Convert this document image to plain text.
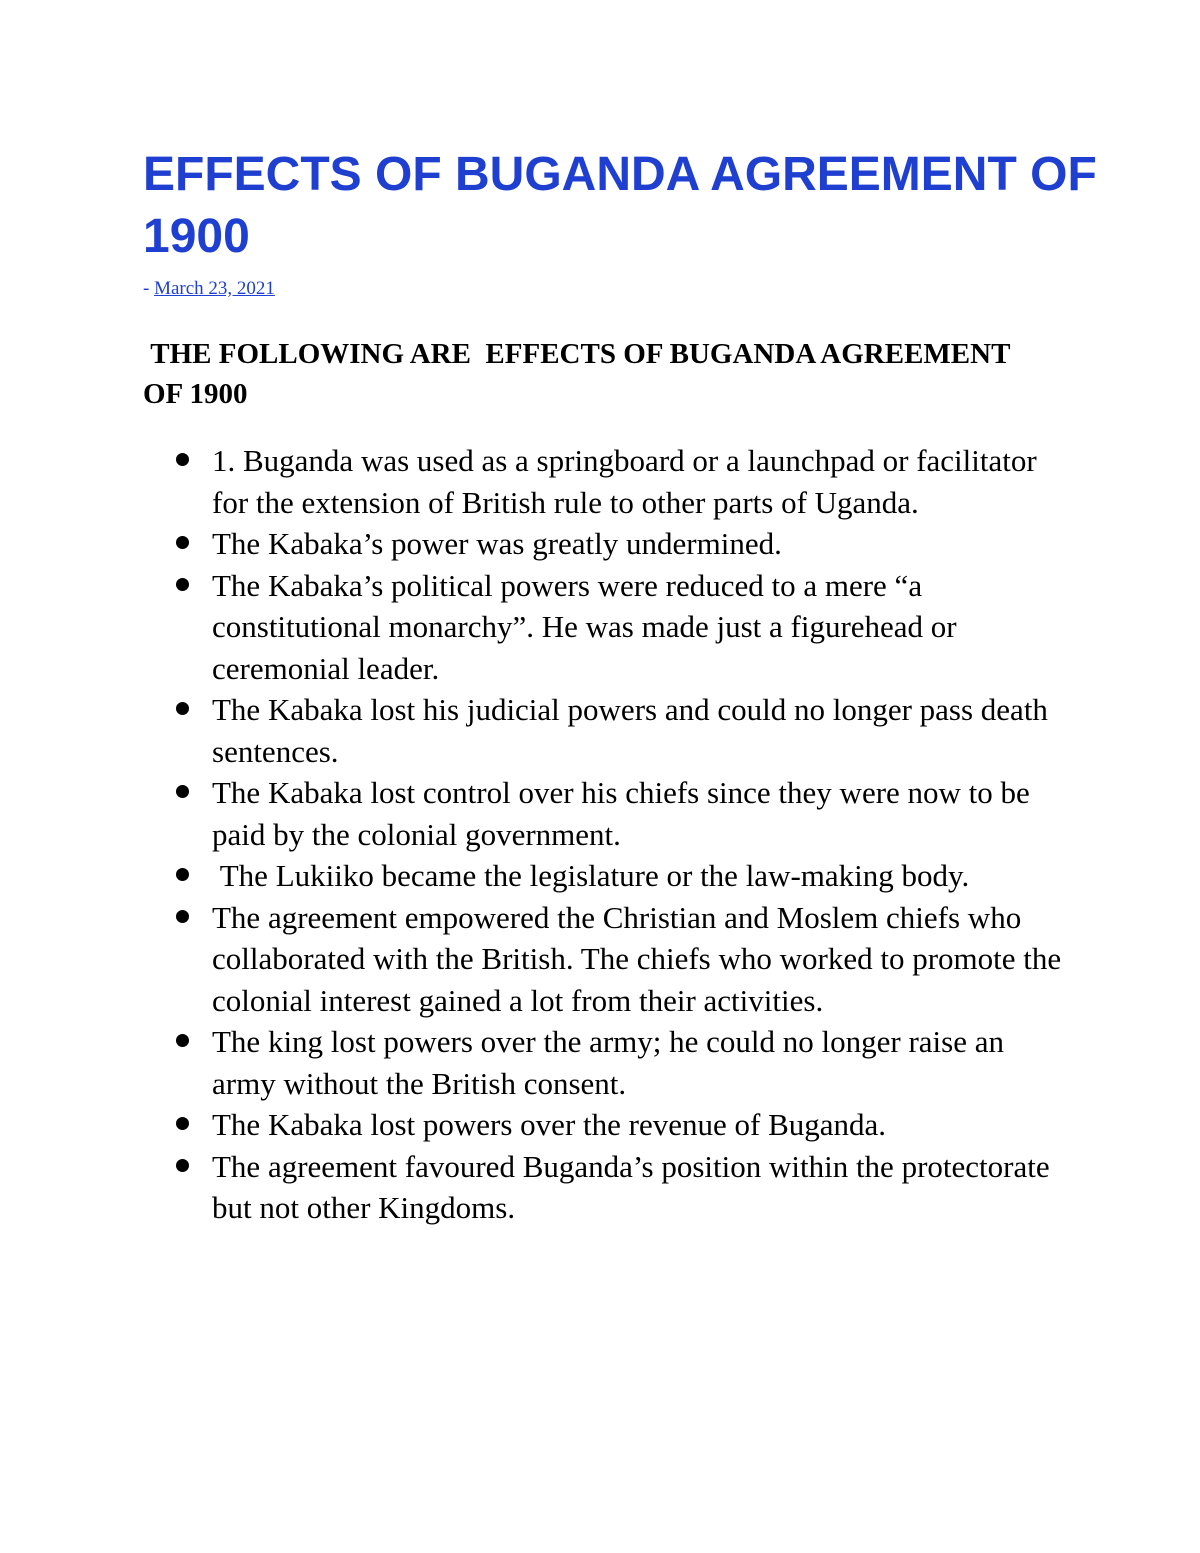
EFFECTS OF BUGANDA AGREEMENT OF 1900
- March 23, 2021
THE FOLLOWING ARE  EFFECTS OF BUGANDA AGREEMENT OF 1900
1. Buganda was used as a springboard or a launchpad or facilitator for the extension of British rule to other parts of Uganda.
The Kabaka’s power was greatly undermined.
The Kabaka’s political powers were reduced to a mere “a constitutional monarchy”. He was made just a figurehead or ceremonial leader.
The Kabaka lost his judicial powers and could no longer pass death sentences.
The Kabaka lost control over his chiefs since they were now to be paid by the colonial government.
The Lukiiko became the legislature or the law-making body.
The agreement empowered the Christian and Moslem chiefs who collaborated with the British. The chiefs who worked to promote the colonial interest gained a lot from their activities.
The king lost powers over the army; he could no longer raise an army without the British consent.
The Kabaka lost powers over the revenue of Buganda.
The agreement favoured Buganda’s position within the protectorate but not other Kingdoms.
